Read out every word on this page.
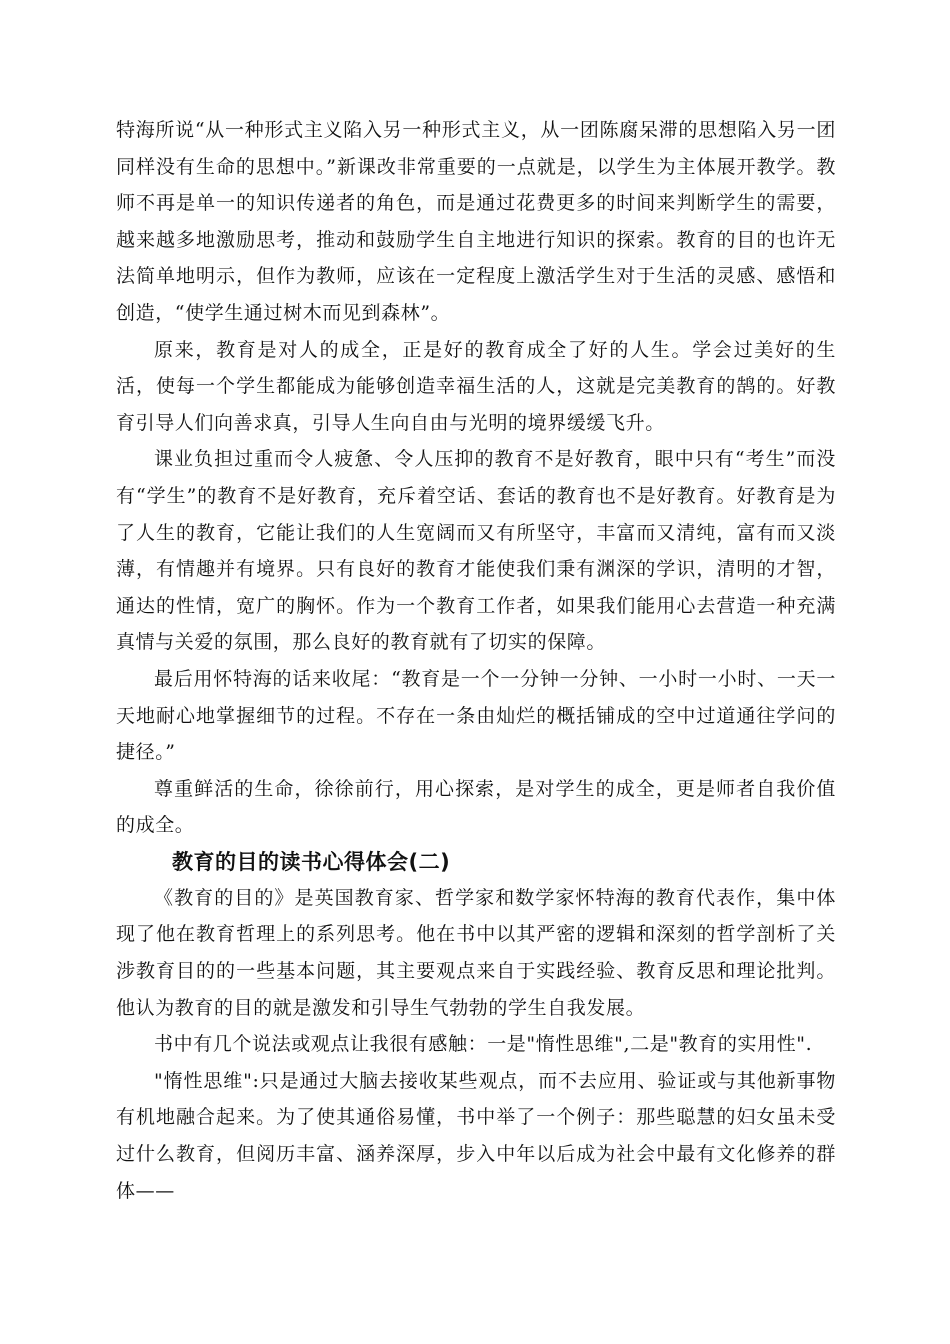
特海所说“从一种形式主义陷入另一种形式主义，从一团陈腐呆滞的思想陷入另一团同样没有生命的思想中。”新课改非常重要的一点就是，以学生为主体展开教学。教师不再是单一的知识传递者的角色，而是通过花费更多的时间来判断学生的需要，越来越多地激励思考，推动和鼓励学生自主地进行知识的探索。教育的目的也许无法简单地明示，但作为教师，应该在一定程度上激活学生对于生活的灵感、感悟和创造，“使学生通过树木而见到森林”。

原来，教育是对人的成全，正是好的教育成全了好的人生。学会过美好的生活，使每一个学生都能成为能够创造幸福生活的人，这就是完美教育的鹄的。好教育引导人们向善求真，引导人生向自由与光明的境界缓缓飞升。

课业负担过重而令人疲惫、令人压抑的教育不是好教育，眼中只有“考生”而没有“学生”的教育不是好教育，充斥着空话、套话的教育也不是好教育。好教育是为了人生的教育，它能让我们的人生宽阔而又有所坚守，丰富而又清纯，富有而又淡薄，有情趣并有境界。只有良好的教育才能使我们秉有渊深的学识，清明的才智，通达的性情，宽广的胸怀。作为一个教育工作者，如果我们能用心去营造一种充满真情与关爱的氛围，那么良好的教育就有了切实的保障。

最后用怀特海的话来收尾：“教育是一个一分钟一分钟、一小时一小时、一天一天地耐心地掌握细节的过程。不存在一条由灿烂的概括铺成的空中过道通往学问的捷径。”

尊重鲜活的生命，徐徐前行，用心探索，是对学生的成全，更是师者自我价值的成全。

教育的目的读书心得体会(二)

《教育的目的》是英国教育家、哲学家和数学家怀特海的教育代表作，集中体现了他在教育哲理上的系列思考。他在书中以其严密的逻辑和深刻的哲学剖析了关涉教育目的的一些基本问题，其主要观点来自于实践经验、教育反思和理论批判。他认为教育的目的就是激发和引导生气勃勃的学生自我发展。

书中有几个说法或观点让我很有感触：一是"惰性思维",二是"教育的实用性".

"惰性思维":只是通过大脑去接收某些观点，而不去应用、验证或与其他新事物有机地融合起来。为了使其通俗易懂，书中举了一个例子：那些聪慧的妇女虽未受过什么教育，但阅历丰富、涵养深厚，步入中年以后成为社会中最有文化修养的群体——
